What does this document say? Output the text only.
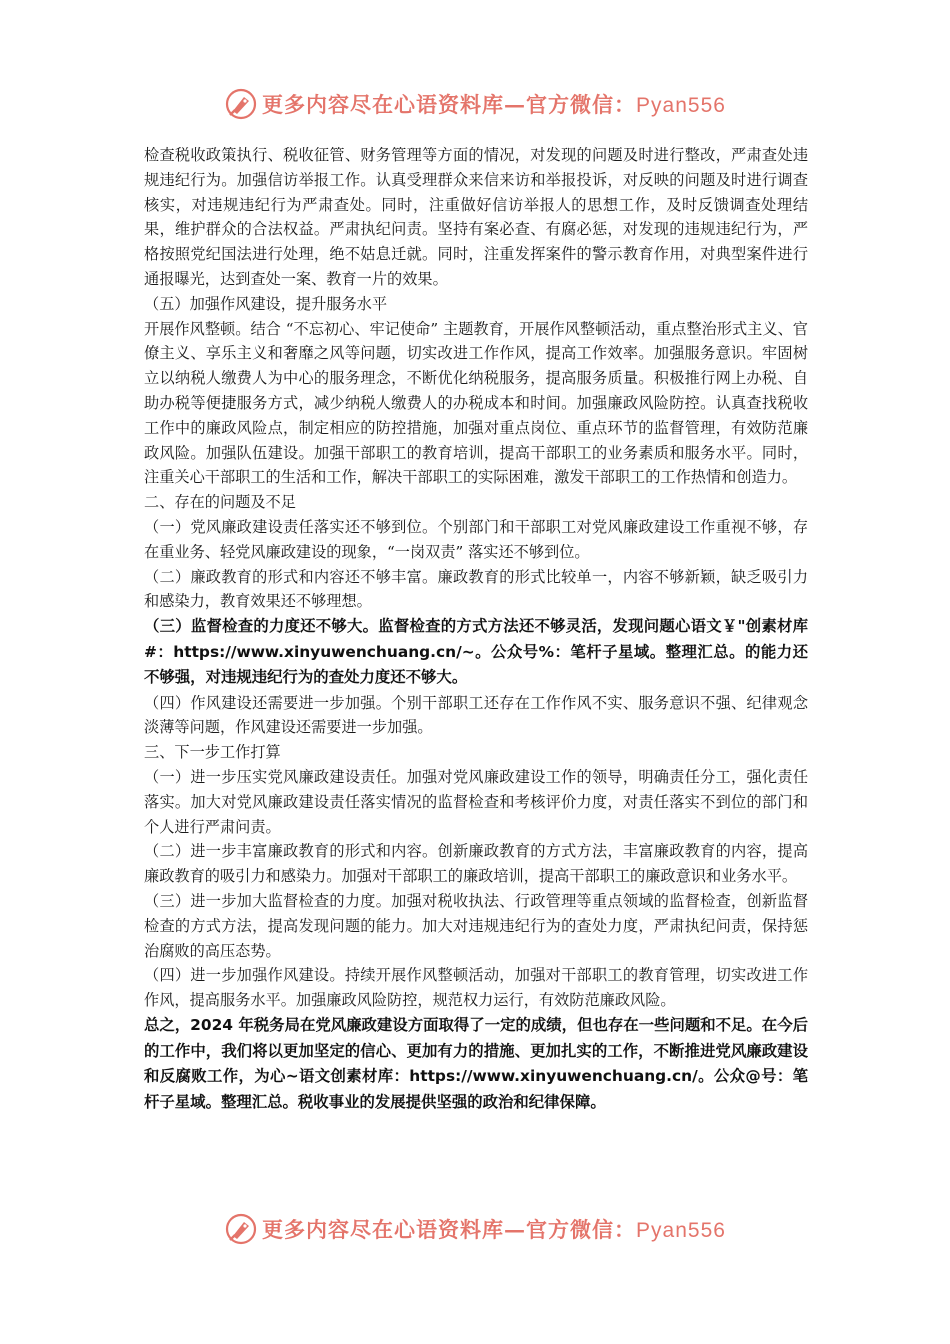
更多内容尽在心语资料库—官方微信：Pyan556

检查税收政策执行、税收征管、财务管理等方面的情况，对发现的问题及时进行整改，严肃查处违规违纪行为。加强信访举报工作。认真受理群众来信来访和举报投诉，对反映的问题及时进行调查核实，对违规违纪行为严肃查处。同时，注重做好信访举报人的思想工作，及时反馈调查处理结果，维护群众的合法权益。严肃执纪问责。坚持有案必查、有腐必惩，对发现的违规违纪行为，严格按照党纪国法进行处理，绝不姑息迁就。同时，注重发挥案件的警示教育作用，对典型案件进行通报曝光，达到查处一案、教育一片的效果。

（五）加强作风建设，提升服务水平

开展作风整顿。结合 “不忘初心、牢记使命” 主题教育，开展作风整顿活动，重点整治形式主义、官僚主义、享乐主义和奢靡之风等问题，切实改进工作作风，提高工作效率。加强服务意识。牢固树立以纳税人缴费人为中心的服务理念，不断优化纳税服务，提高服务质量。积极推行网上办税、自助办税等便捷服务方式，减少纳税人缴费人的办税成本和时间。加强廉政风险防控。认真查找税收工作中的廉政风险点，制定相应的防控措施，加强对重点岗位、重点环节的监督管理，有效防范廉政风险。加强队伍建设。加强干部职工的教育培训，提高干部职工的业务素质和服务水平。同时，注重关心干部职工的生活和工作，解决干部职工的实际困难，激发干部职工的工作热情和创造力。

二、存在的问题及不足

（一）党风廉政建设责任落实还不够到位。个别部门和干部职工对党风廉政建设工作重视不够，存在重业务、轻党风廉政建设的现象，“一岗双责” 落实还不够到位。

（二）廉政教育的形式和内容还不够丰富。廉政教育的形式比较单一，内容不够新颖，缺乏吸引力和感染力，教育效果还不够理想。

（三）监督检查的力度还不够大。监督检查的方式方法还不够灵活，发现问题心语文￥"创素材库#：https://www.xinyuwenchuang.cn/~。公众号%：笔杆子星域。整理汇总。的能力还不够强，对违规违纪行为的查处力度还不够大。

（四）作风建设还需要进一步加强。个别干部职工还存在工作作风不实、服务意识不强、纪律观念淡薄等问题，作风建设还需要进一步加强。

三、下一步工作打算

（一）进一步压实党风廉政建设责任。加强对党风廉政建设工作的领导，明确责任分工，强化责任落实。加大对党风廉政建设责任落实情况的监督检查和考核评价力度，对责任落实不到位的部门和个人进行严肃问责。

（二）进一步丰富廉政教育的形式和内容。创新廉政教育的方式方法，丰富廉政教育的内容，提高廉政教育的吸引力和感染力。加强对干部职工的廉政培训，提高干部职工的廉政意识和业务水平。

（三）进一步加大监督检查的力度。加强对税收执法、行政管理等重点领域的监督检查，创新监督检查的方式方法，提高发现问题的能力。加大对违规违纪行为的查处力度，严肃执纪问责，保持惩治腐败的高压态势。

（四）进一步加强作风建设。持续开展作风整顿活动，加强对干部职工的教育管理，切实改进工作作风，提高服务水平。加强廉政风险防控，规范权力运行，有效防范廉政风险。

总之，2024 年税务局在党风廉政建设方面取得了一定的成绩，但也存在一些问题和不足。在今后的工作中，我们将以更加坚定的信心、更加有力的措施、更加扎实的工作，不断推进党风廉政建设和反腐败工作，为心~语文创素材库：https://www.xinyuwenchuang.cn/。公众@号：笔杆子星域。整理汇总。税收事业的发展提供坚强的政治和纪律保障。

更多内容尽在心语资料库—官方微信：Pyan556
